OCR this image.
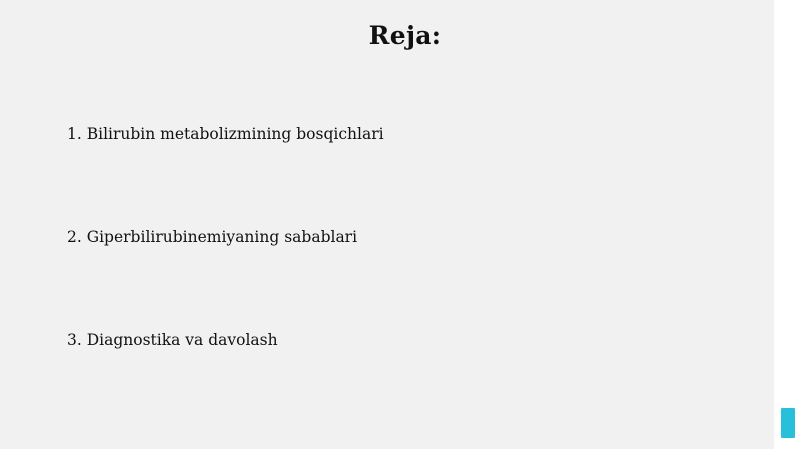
Reja:
1. Bilirubin metabolizmining bosqichlari
2. Giperbilirubinemiyaning sabablari
3. Diagnostika va davolash
